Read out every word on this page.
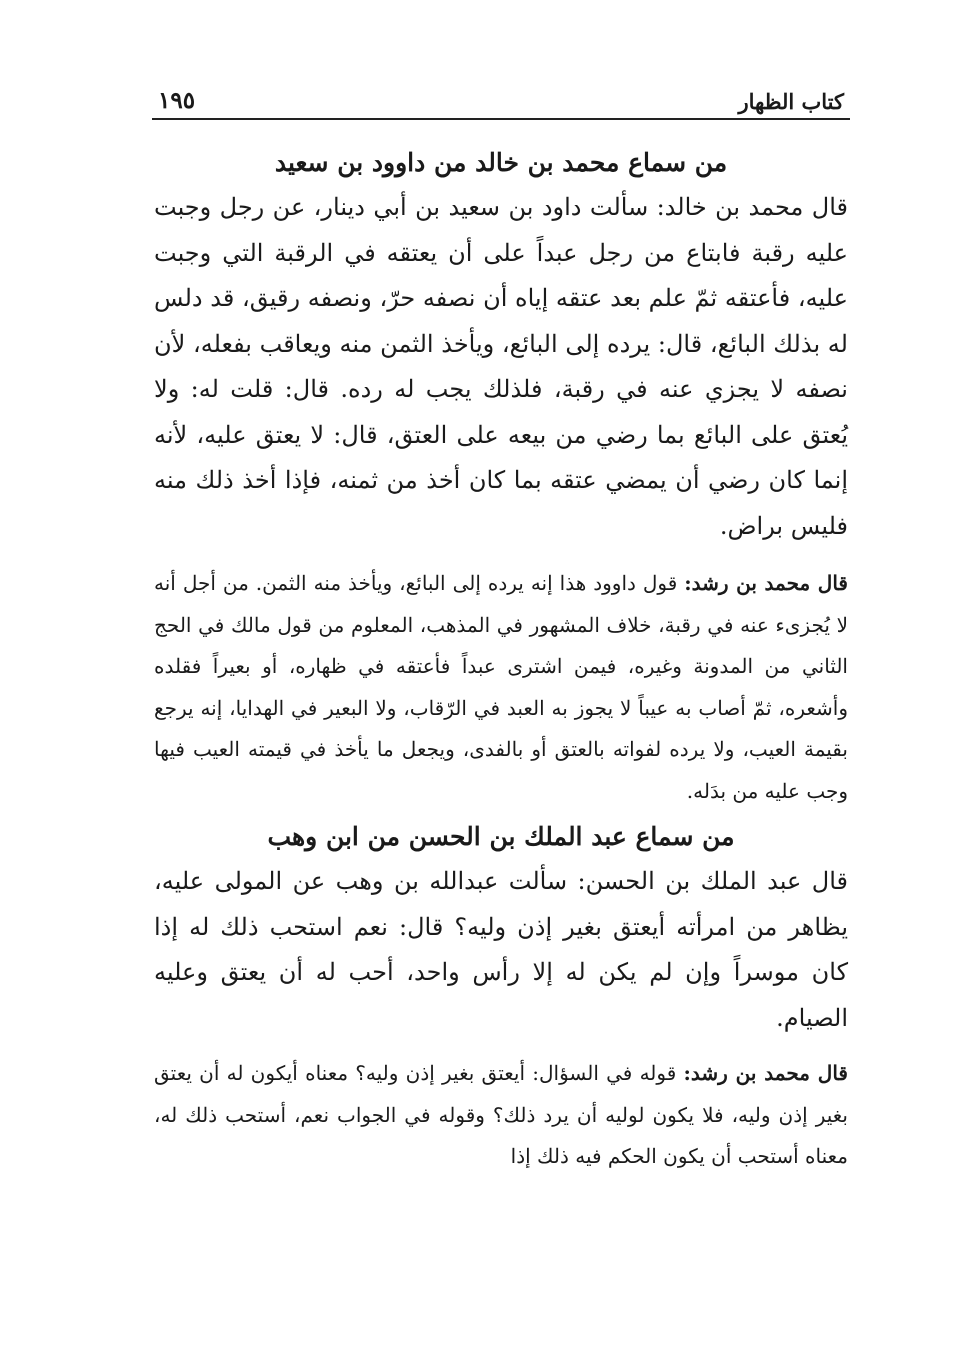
كتاب الظهار
١٩٥
من سماع محمد بن خالد من داوود بن سعيد

قال محمد بن خالد: سألت داود بن سعيد بن أبي دينار، عن رجل وجبت عليه رقبة فابتاع من رجل عبداً على أن يعتقه في الرقبة التي وجبت عليه، فأعتقه ثمّ علم بعد عتقه إياه أن نصفه حرّ، ونصفه رقيق، قد دلس له بذلك البائع، قال: يرده إلى البائع، ويأخذ الثمن منه ويعاقب بفعله، لأن نصفه لا يجزي عنه في رقبة، فلذلك يجب له رده. قال: قلت له: ولا يُعتق على البائع بما رضي من بيعه على العتق، قال: لا يعتق عليه، لأنه إنما كان رضي أن يمضي عتقه بما كان أخذ من ثمنه، فإذا أخذ ذلك منه فليس براض.

قال محمد بن رشد: قول داوود هذا إنه يرده إلى البائع، ويأخذ منه الثمن. من أجل أنه لا يُجزىء عنه في رقبة، خلاف المشهور في المذهب، المعلوم من قول مالك في الحج الثاني من المدونة وغيره، فيمن اشترى عبداً فأعتقه في ظهاره، أو بعيراً فقلده وأشعره، ثمّ أصاب به عيباً لا يجوز به العبد في الرّقاب، ولا البعير في الهدايا، إنه يرجع بقيمة العيب، ولا يرده لفواته بالعتق أو بالفدى، ويجعل ما يأخذ في قيمته العيب فيها وجب عليه من بدَله.

من سماع عبد الملك بن الحسن من ابن وهب

قال عبد الملك بن الحسن: سألت عبدالله بن وهب عن المولى عليه، يظاهر من امرأته أيعتق بغير إذن وليه؟ قال: نعم استحب ذلك له إذا كان موسراً وإن لم يكن له إلا رأس واحد، أحب له أن يعتق وعليه الصيام.

قال محمد بن رشد: قوله في السؤال: أيعتق بغير إذن وليه؟ معناه أيكون له أن يعتق بغير إذن وليه، فلا يكون لوليه أن يرد ذلك؟ وقوله في الجواب نعم، أستحب ذلك له، معناه أستحب أن يكون الحكم فيه ذلك إذا
